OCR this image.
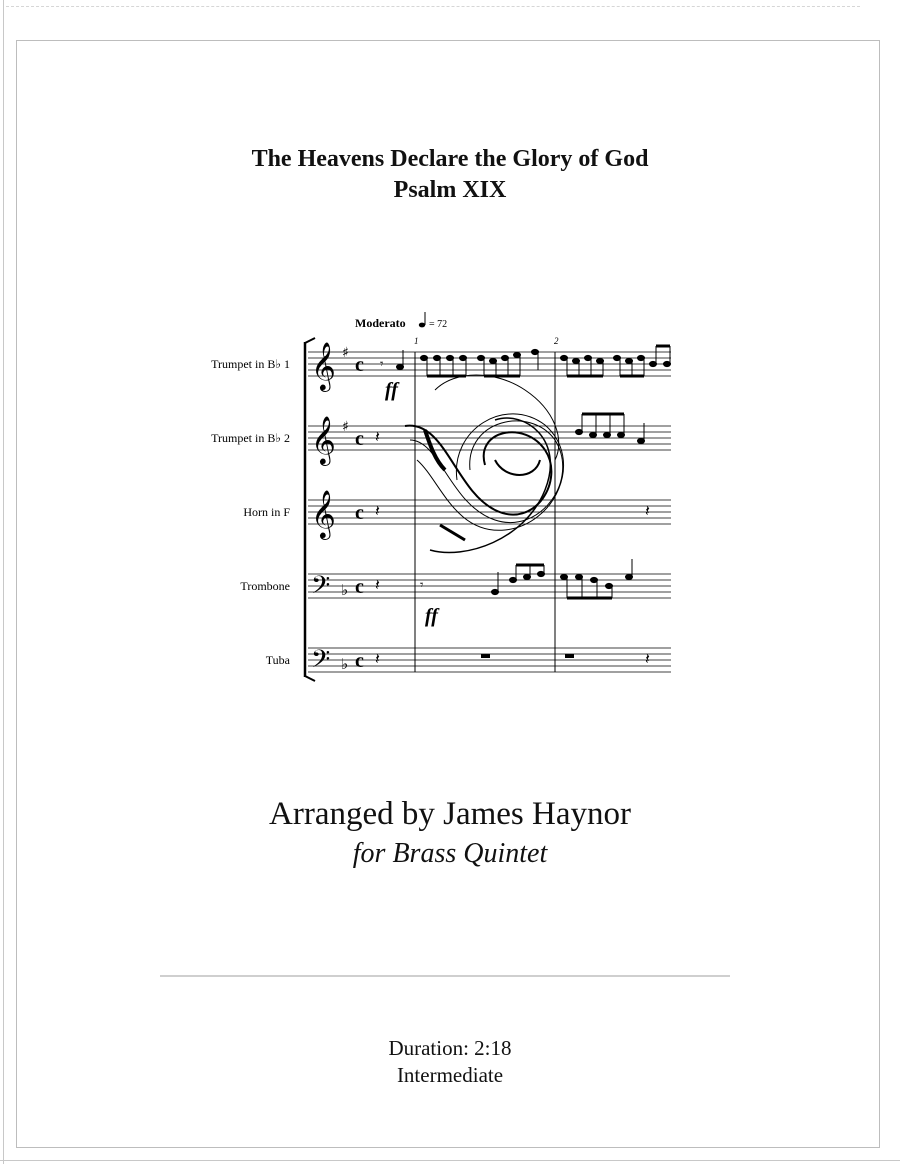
The Heavens Declare the Glory of God
Psalm XIX
Moderato = 72
1	2
Trumpet in B♭ 1
Trumpet in B♭ 2
Horn in F
Trombone
Tuba
𝄞
𝄞
𝄞
𝄢
𝄢
♯
♯
♭
♭
c
c
c
c
c
𝄽
𝄽
𝄽
𝄽
𝄽
𝄽
𝄾
𝄾
ff
ff
Arranged by James Haynor
for Brass Quintet
Duration: 2:18
Intermediate
